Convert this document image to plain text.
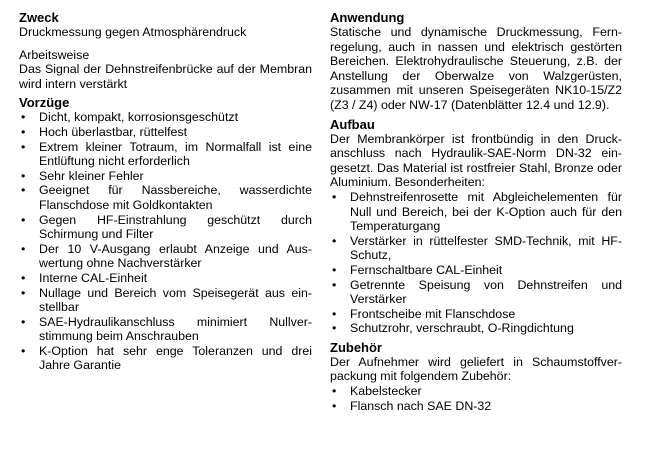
Zweck

Druckmessung gegen Atmosphärendruck

Arbeitsweise

Das Signal der Dehnstreifenbrücke auf der Membran wird intern verstärkt

Vorzüge
• Dicht, kompakt, korrosionsgeschützt
• Hoch überlastbar, rüttelfest
• Extrem kleiner Totraum, im Normalfall ist eine Entlüftung nicht erforderlich
• Sehr kleiner Fehler
• Geeignet für Nassbereiche, wasserdichte Flanschdose mit Goldkontakten
• Gegen HF-Einstrahlung geschützt durch Schirmung und Filter
• Der 10 V-Ausgang erlaubt Anzeige und Aus-wertung ohne Nachverstärker
• Interne CAL-Einheit
• Nullage und Bereich vom Speisegerät aus ein-stellbar
• SAE-Hydraulikanschluss minimiert Nullver-stimmung beim Anschrauben
• K-Option hat sehr enge Toleranzen und drei Jahre Garantie
Anwendung

Statische und dynamische Druckmessung, Fern-regelung, auch in nassen und elektrisch gestörten Bereichen. Elektrohydraulische Steuerung, z.B. der Anstellung der Oberwalze von Walzgerüsten, zusammen mit unseren Speisegeräten NK10-15/Z2 (Z3 / Z4) oder NW-17 (Datenblätter 12.4 und 12.9).

Aufbau

Der Membrankörper ist frontbündig in den Druck-anschluss nach Hydraulik-SAE-Norm DN-32 ein-gesetzt. Das Material ist rostfreier Stahl, Bronze oder Aluminium. Besonderheiten:

• Dehnstreifenrosette mit Abgleichelementen für Null und Bereich, bei der K-Option auch für den Temperaturgang
• Verstärker in rüttelfester SMD-Technik, mit HF-Schutz,
• Fernschaltbare CAL-Einheit
• Getrennte Speisung von Dehnstreifen und Verstärker
• Frontscheibe mit Flanschdose
• Schutzrohr, verschraubt, O-Ringdichtung
Zubehör

Der Aufnehmer wird geliefert in Schaumstoffver-packung mit folgendem Zubehör:

• Kabelstecker
• Flansch nach SAE DN-32
